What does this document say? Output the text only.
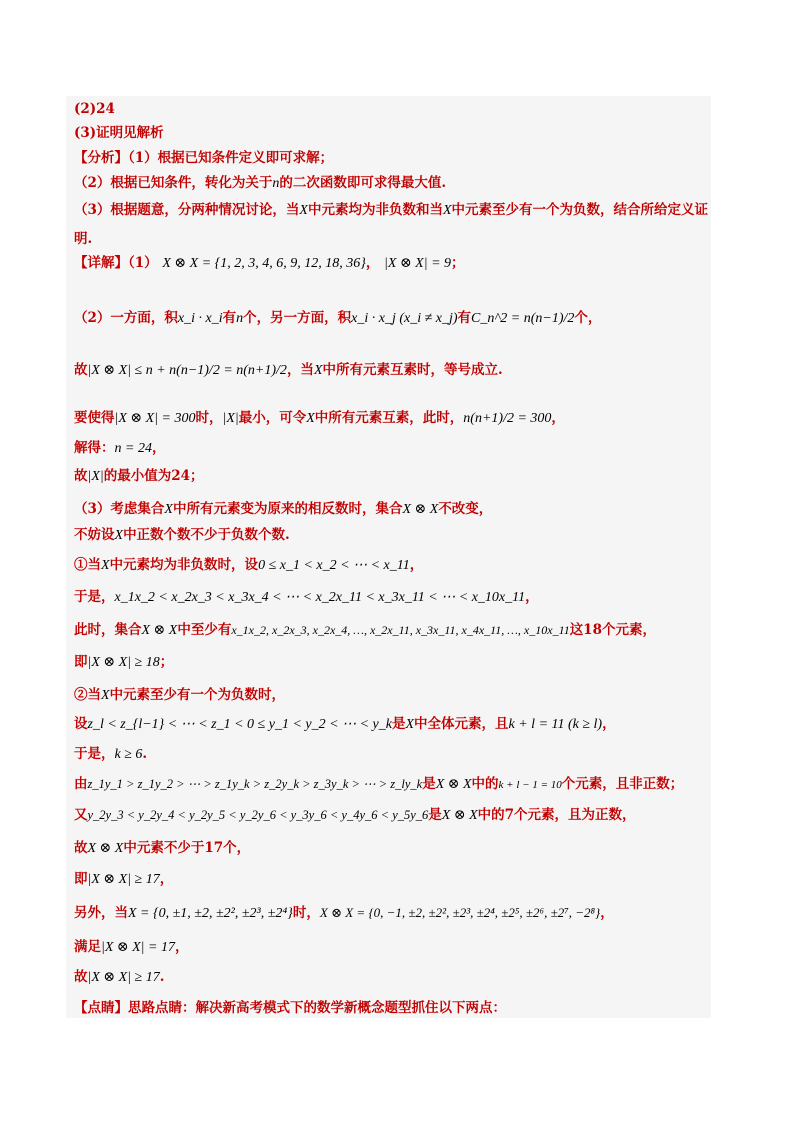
(2)24
(3)证明见解析
【分析】（1）根据已知条件定义即可求解；
（2）根据已知条件，转化为关于n的二次函数即可求得最大值.
（3）根据题意，分两种情况讨论，当X中元素均为非负数和当X中元素至少有一个为负数，结合所给定义证明.
【详解】（1） X ⊗ X = {1, 2, 3, 4, 6, 9, 12, 18, 36}， |X ⊗ X| = 9；
（2）一方面，积x_i · x_i有n个，另一方面，积x_i · x_j (x_i ≠ x_j)有C_n^2 = n(n−1)/2个，
故|X ⊗ X| ≤ n + n(n−1)/2 = n(n+1)/2，当X中所有元素互素时，等号成立.
要使得|X ⊗ X| = 300时，|X|最小，可令X中所有元素互素，此时，n(n+1)/2 = 300，
解得：n = 24，
故|X|的最小值为24；
（3）考虑集合X中所有元素变为原来的相反数时，集合X ⊗ X不改变，
不妨设X中正数个数不少于负数个数.
①当X中元素均为非负数时，设0 ≤ x_1 < x_2 < ⋯ < x_11，
于是，x_1x_2 < x_2x_3 < x_3x_4 < ⋯ < x_2x_11 < x_3x_11 < ⋯ < x_10x_11，
此时，集合X ⊗ X中至少有x_1x_2, x_2x_3, x_2x_4, …, x_2x_11, x_3x_11, x_4x_11, …, x_10x_11这18个元素，
即|X ⊗ X| ≥ 18；
②当X中元素至少有一个为负数时，
设z_l < z_{l−1} < ⋯ < z_1 < 0 ≤ y_1 < y_2 < ⋯ < y_k是X中全体元素，且k + l = 11 (k ≥ l)，
于是，k ≥ 6.
由z_1y_1 > z_1y_2 > ⋯ > z_1y_k > z_2y_k > z_3y_k > ⋯ > z_ly_k是X ⊗ X中的k + l − 1 = 10个元素，且非正数；
又y_2y_3 < y_2y_4 < y_2y_5 < y_2y_6 < y_3y_6 < y_4y_6 < y_5y_6是X ⊗ X中的7个元素，且为正数，
故X ⊗ X中元素不少于17个，
即|X ⊗ X| ≥ 17，
另外，当X = {0, ±1, ±2, ±2², ±2³, ±2⁴}时，X ⊗ X = {0, −1, ±2, ±2², ±2³, ±2⁴, ±2⁵, ±2⁶, ±2⁷, −2⁸}，
满足|X ⊗ X| = 17，
故|X ⊗ X| ≥ 17.
【点睛】思路点睛：解决新高考模式下的数学新概念题型抓住以下两点：
